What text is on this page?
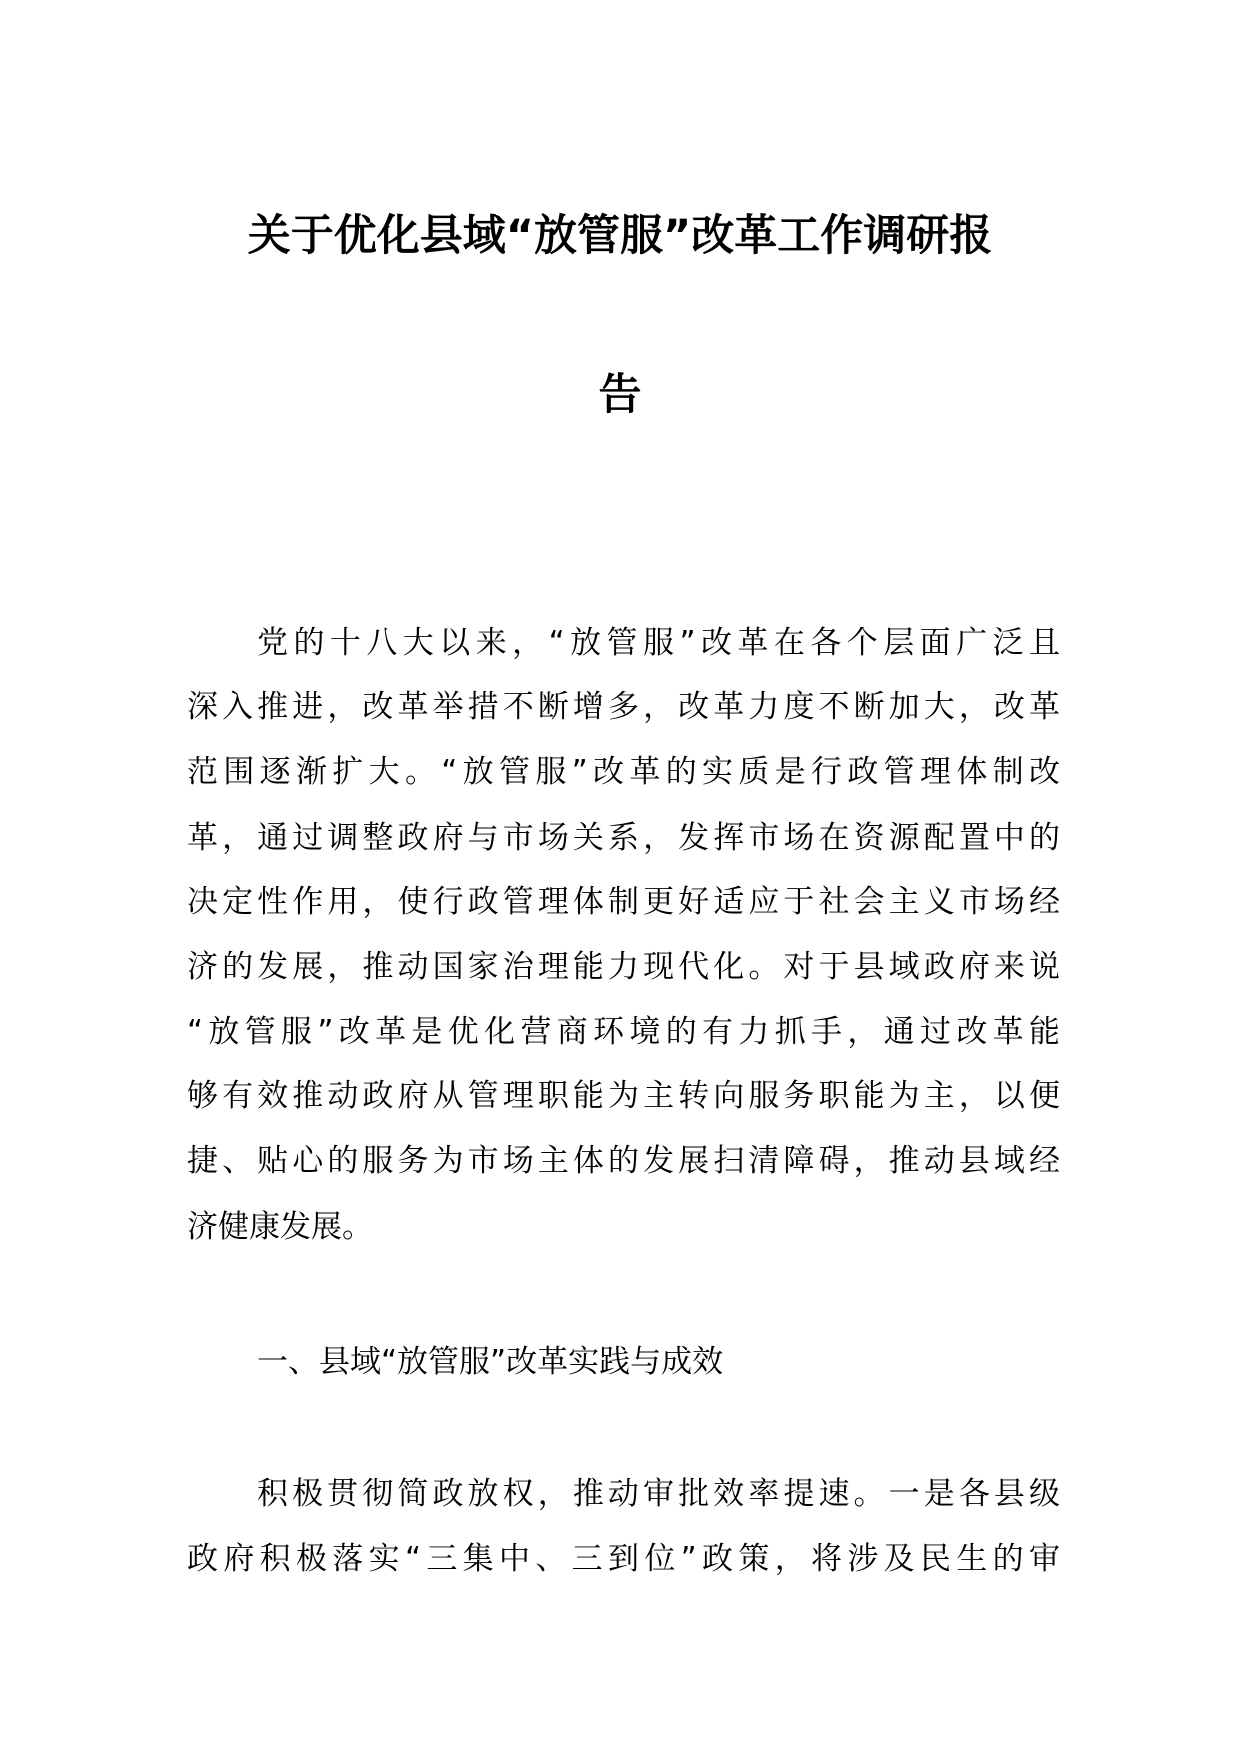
关于优化县域“放管服”改革工作调研报
告
党的十八大以来，“放管服”改革在各个层面广泛且
深入推进，改革举措不断增多，改革力度不断加大，改革
范围逐渐扩大。“放管服”改革的实质是行政管理体制改
革，通过调整政府与市场关系，发挥市场在资源配置中的
决定性作用，使行政管理体制更好适应于社会主义市场经
济的发展，推动国家治理能力现代化。对于县域政府来说
“放管服”改革是优化营商环境的有力抓手，通过改革能
够有效推动政府从管理职能为主转向服务职能为主，以便
捷、贴心的服务为市场主体的发展扫清障碍，推动县域经
济健康发展。
一、县域“放管服”改革实践与成效
积极贯彻简政放权，推动审批效率提速。一是各县级
政府积极落实“三集中、三到位”政策，将涉及民生的审
